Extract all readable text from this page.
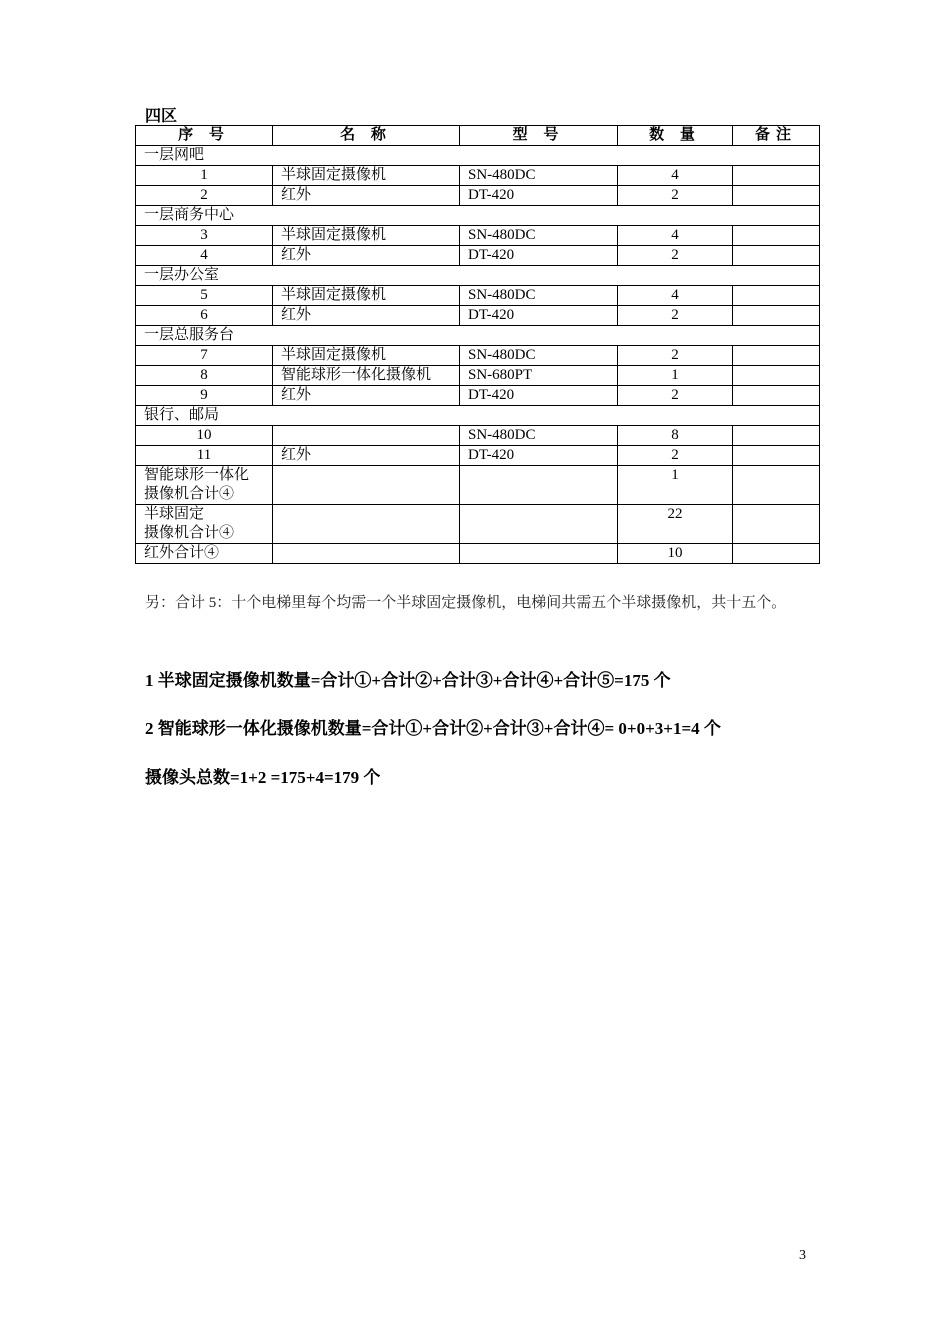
四区
序 号	名 称	型 号	数 量	备注
一层网吧				
1	半球固定摄像机	SN-480DC	4	
2	红外	DT-420	2	
一层商务中心				
3	半球固定摄像机	SN-480DC	4	
4	红外	DT-420	2	
一层办公室				
5	半球固定摄像机	SN-480DC	4	
6	红外	DT-420	2	
一层总服务台				
7	半球固定摄像机	SN-480DC	2	
8	智能球形一体化摄像机	SN-680PT	1	
9	红外	DT-420	2	
银行、邮局				
10		SN-480DC	8	
11	红外	DT-420	2	
智能球形一体化
摄像机合计④			1	
半球固定
摄像机合计④			22	
红外合计④			10	
另：合计 5：十个电梯里每个均需一个半球固定摄像机，电梯间共需五个半球摄像机，共十五个。
1 半球固定摄像机数量=合计①+合计②+合计③+合计④+合计⑤=175 个
2 智能球形一体化摄像机数量=合计①+合计②+合计③+合计④= 0+0+3+1=4 个
摄像头总数=1+2 =175+4=179 个
3
